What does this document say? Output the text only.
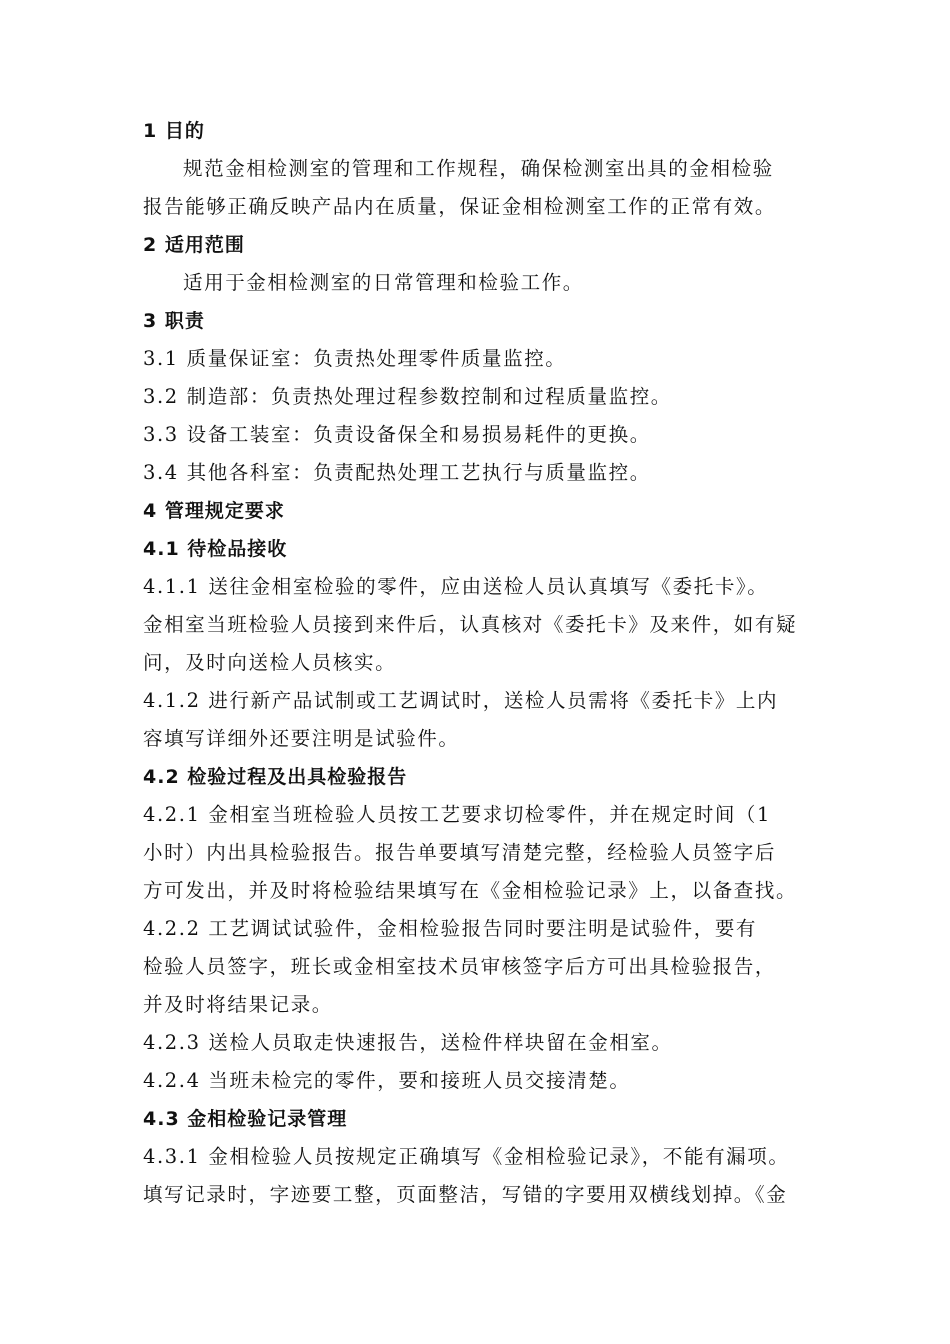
1 目的
规范金相检测室的管理和工作规程，确保检测室出具的金相检验
报告能够正确反映产品内在质量，保证金相检测室工作的正常有效。
2 适用范围
适用于金相检测室的日常管理和检验工作。
3 职责
3.1 质量保证室：负责热处理零件质量监控。
3.2 制造部：负责热处理过程参数控制和过程质量监控。
3.3 设备工装室：负责设备保全和易损易耗件的更换。
3.4 其他各科室：负责配热处理工艺执行与质量监控。
4 管理规定要求
4.1 待检品接收
4.1.1 送往金相室检验的零件，应由送检人员认真填写《委托卡》。
金相室当班检验人员接到来件后，认真核对《委托卡》及来件，如有疑
问，及时向送检人员核实。
4.1.2 进行新产品试制或工艺调试时，送检人员需将《委托卡》上内
容填写详细外还要注明是试验件。
4.2 检验过程及出具检验报告
4.2.1 金相室当班检验人员按工艺要求切检零件，并在规定时间（1
小时）内出具检验报告。报告单要填写清楚完整，经检验人员签字后
方可发出，并及时将检验结果填写在《金相检验记录》上，以备查找。
4.2.2 工艺调试试验件，金相检验报告同时要注明是试验件，要有
检验人员签字，班长或金相室技术员审核签字后方可出具检验报告，
并及时将结果记录。
4.2.3 送检人员取走快速报告，送检件样块留在金相室。
4.2.4 当班未检完的零件，要和接班人员交接清楚。
4.3 金相检验记录管理
4.3.1 金相检验人员按规定正确填写《金相检验记录》，不能有漏项。
填写记录时，字迹要工整，页面整洁，写错的字要用双横线划掉。《金
